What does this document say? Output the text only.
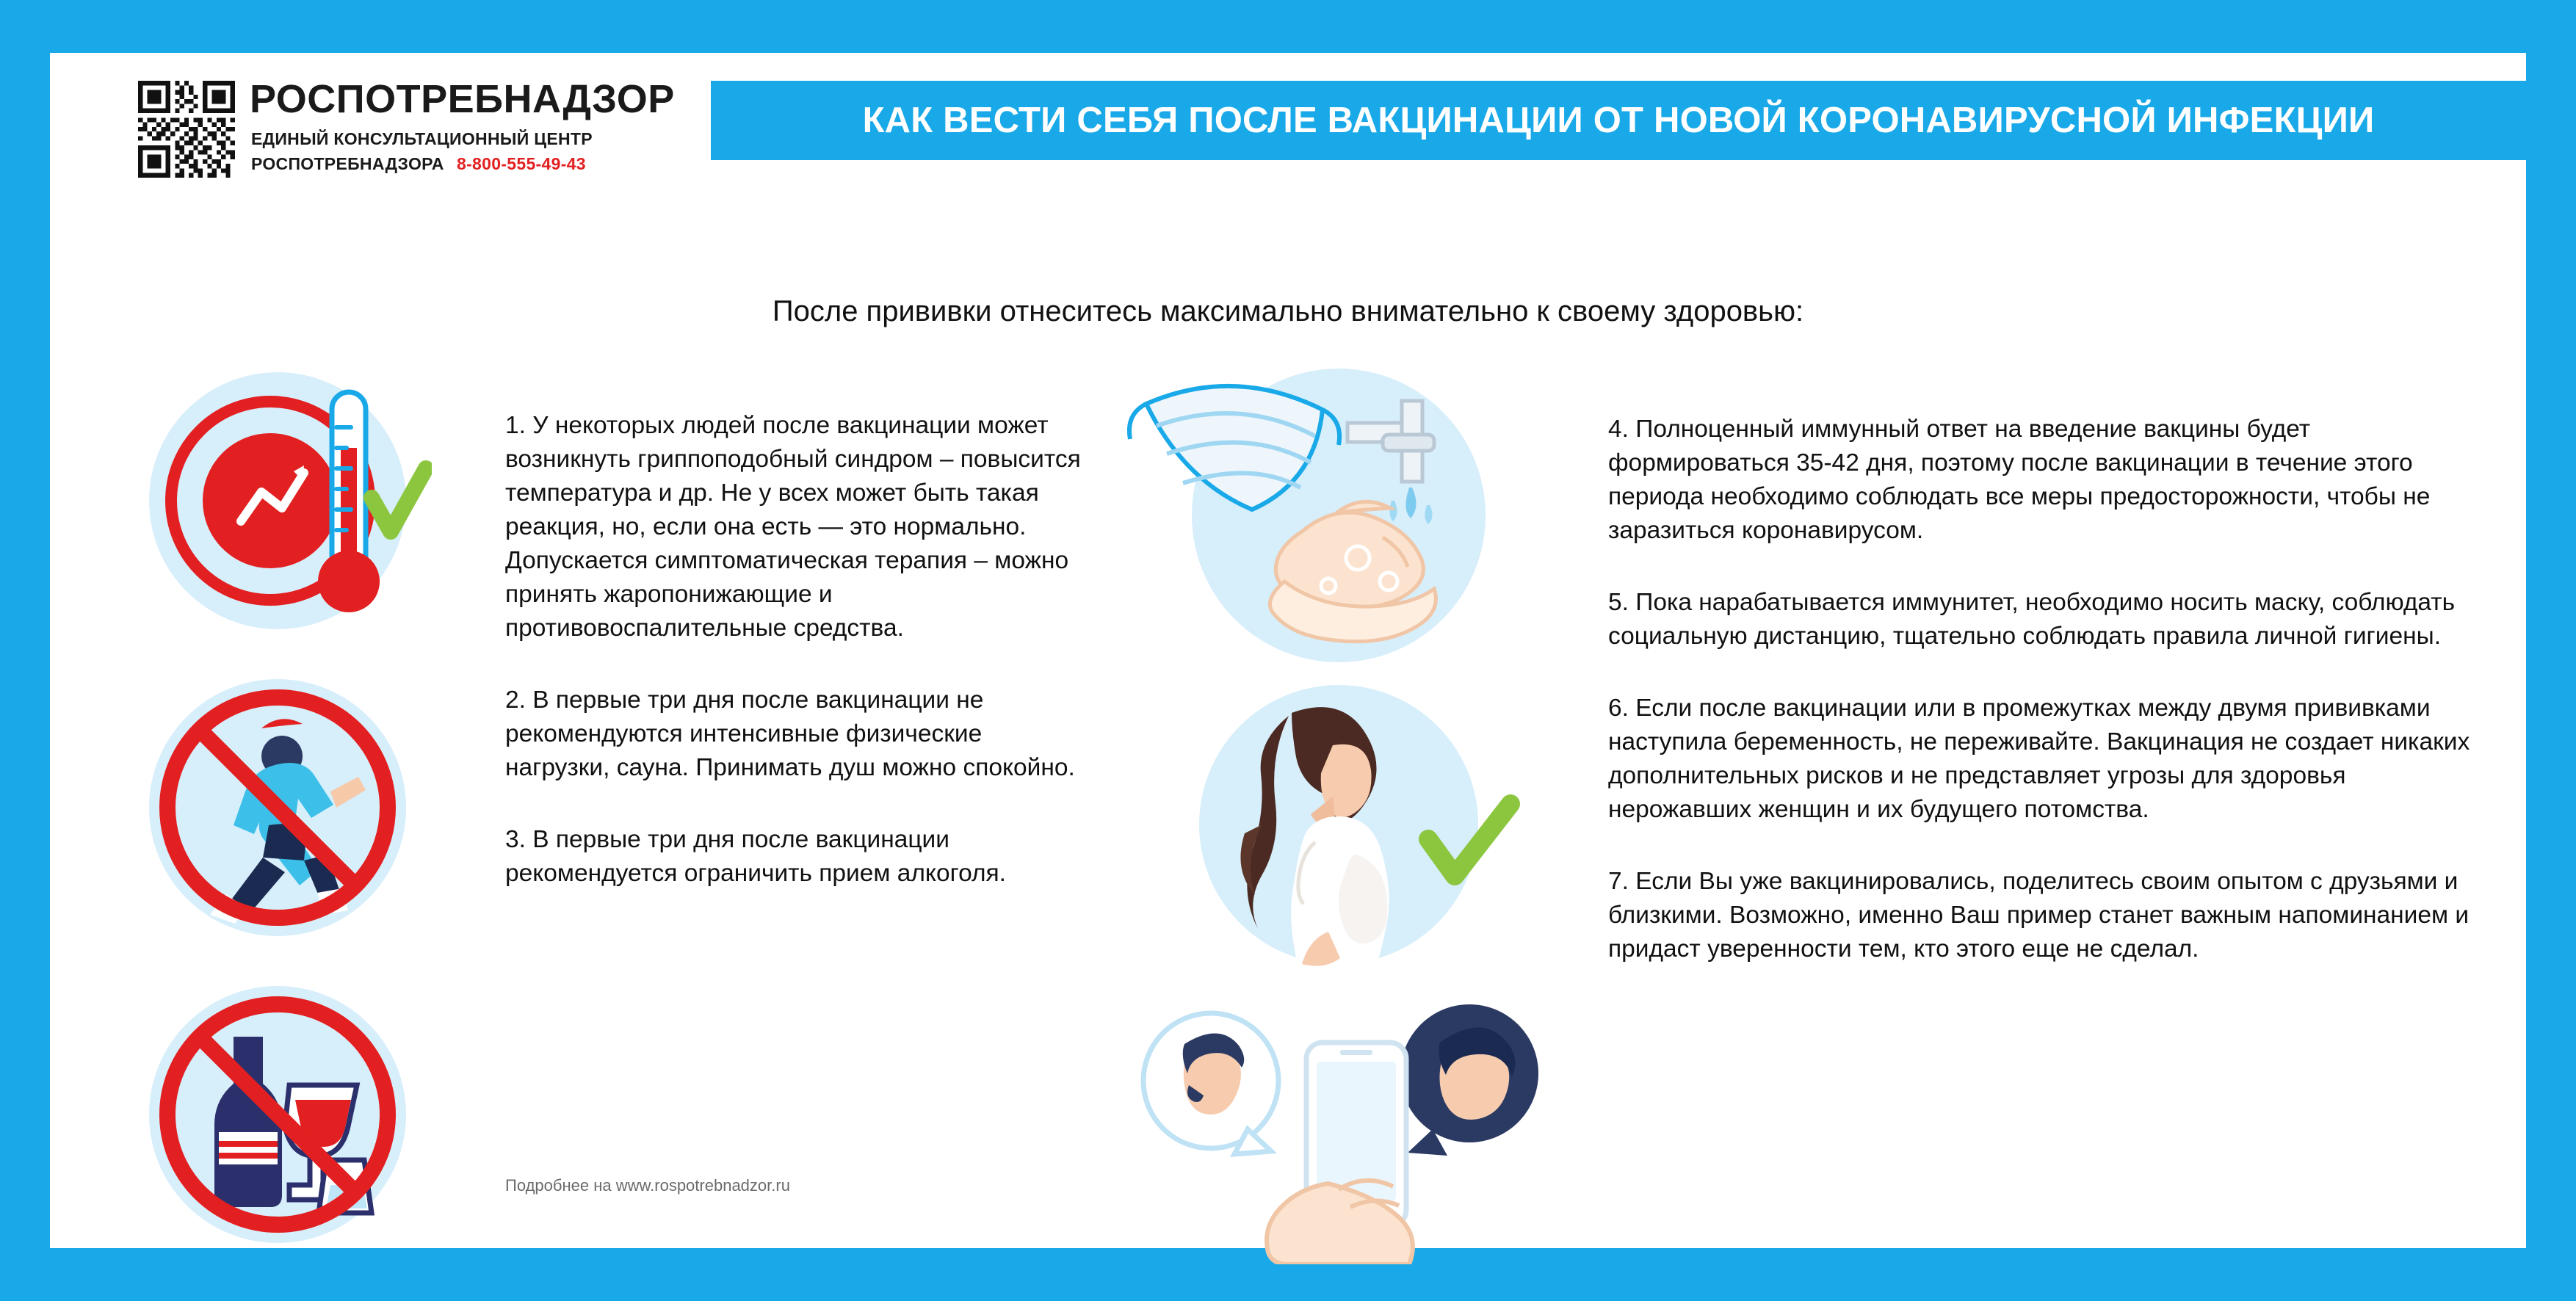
РОСПОТРЕБНАДЗОР
ЕДИНЫЙ КОНСУЛЬТАЦИОННЫЙ ЦЕНТР
РОСПОТРЕБНАДЗОРА 8-800-555-49-43
КАК ВЕСТИ СЕБЯ ПОСЛЕ ВАКЦИНАЦИИ ОТ НОВОЙ КОРОНАВИРУСНОЙ ИНФЕКЦИИ
После прививки отнеситесь максимально внимательно к своему здоровью:

1. У некоторых людей после вакцинации может возникнуть гриппоподобный синдром – повысится температура и др. Не у всех может быть такая реакция, но, если она есть — это нормально. Допускается симптоматическая терапия – можно принять жаропонижающие и противовоспалительные средства.

2. В первые три дня после вакцинации не рекомендуются интенсивные физические нагрузки, сауна. Принимать душ можно спокойно.

3. В первые три дня после вакцинации рекомендуется ограничить прием алкоголя.

Подробнее на www.rospotrebnadzor.ru

4. Полноценный иммунный ответ на введение вакцины будет формироваться 35-42 дня, поэтому после вакцинации в течение этого периода необходимо соблюдать все меры предосторожности, чтобы не заразиться коронавирусом.

5. Пока нарабатывается иммунитет, необходимо носить маску, соблюдать социальную дистанцию, тщательно соблюдать правила личной гигиены.

6. Если после вакцинации или в промежутках между двумя прививками наступила беременность, не переживайте. Вакцинация не создает никаких дополнительных рисков и не представляет угрозы для здоровья нерожавших женщин и их будущего потомства.

7. Если Вы уже вакцинировались, поделитесь своим опытом с друзьями и близкими. Возможно, именно Ваш пример станет важным напоминанием и придаст уверенности тем, кто этого еще не сделал.
